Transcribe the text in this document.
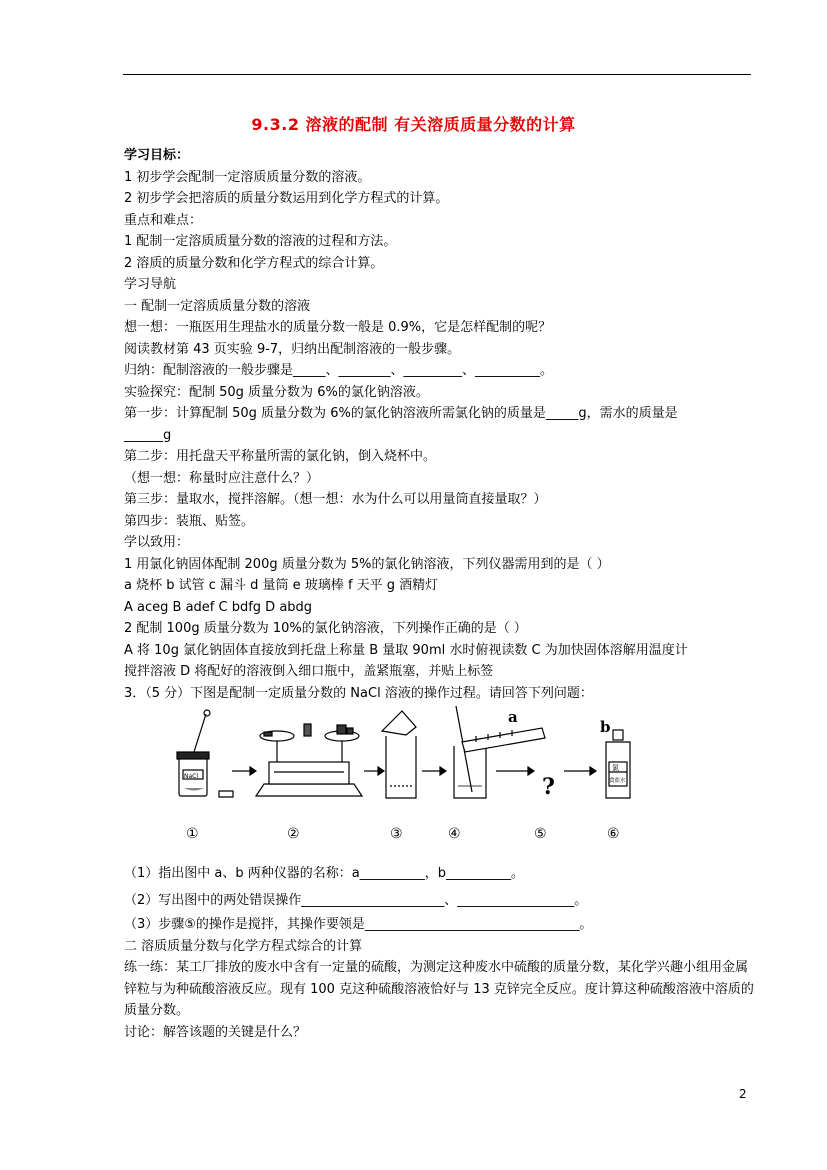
9.3.2 溶液的配制 有关溶质质量分数的计算
学习目标：
1 初步学会配制一定溶质质量分数的溶液。
2 初步学会把溶质的质量分数运用到化学方程式的计算。
重点和难点：
1 配制一定溶质质量分数的溶液的过程和方法。
2 溶质的质量分数和化学方程式的综合计算。
学习导航
一 配制一定溶质质量分数的溶液
想一想：一瓶医用生理盐水的质量分数一般是 0.9%，它是怎样配制的呢？
阅读教材第 43 页实验 9-7，归纳出配制溶液的一般步骤。
归纳：配制溶液的一般步骤是_____、________、_________、__________。
实验探究：配制 50g 质量分数为 6%的氯化钠溶液。
第一步：计算配制 50g 质量分数为 6%的氯化钠溶液所需氯化钠的质量是_____g，需水的质量是
______g
第二步：用托盘天平称量所需的氯化钠，倒入烧杯中。
（想一想：称量时应注意什么？）
第三步：量取水，搅拌溶解。（想一想：水为什么可以用量筒直接量取？）
第四步：装瓶、贴签。
学以致用：
1 用氯化钠固体配制 200g 质量分数为 5%的氯化钠溶液，下列仪器需用到的是（ ）
a 烧杯 b 试管 c 漏斗 d 量筒 e 玻璃棒 f 天平 g 酒精灯
A aceg B adef C bdfg D abdg
2 配制 100g 质量分数为 10%的氯化钠溶液，下列操作正确的是（ ）
A 将 10g 氯化钠固体直接放到托盘上称量 B 量取 90ml 水时俯视读数 C 为加快固体溶解用温度计
搅拌溶液 D 将配好的溶液倒入细口瓶中，盖紧瓶塞，并贴上标签
3．（5 分）下图是配制一定质量分数的 NaCl 溶液的操作过程。请回答下列问题：
NaCl
a
?
b
氯
食盐水
①	②	③	④	⑤	⑥
（1）指出图中 a、b 两种仪器的名称：a__________，b__________。
（2）写出图中的两处错误操作______________________、__________________。
（3）步骤⑤的操作是搅拌，其操作要领是_________________________________。
二 溶质质量分数与化学方程式综合的计算
练一练：某工厂排放的废水中含有一定量的硫酸，为测定这种废水中硫酸的质量分数，某化学兴趣小组用金属锌粒与为种硫酸溶液反应。现有 100 克这种硫酸溶液恰好与 13 克锌完全反应。度计算这种硫酸溶液中溶质的质量分数。
讨论：解答该题的关键是什么？
2
